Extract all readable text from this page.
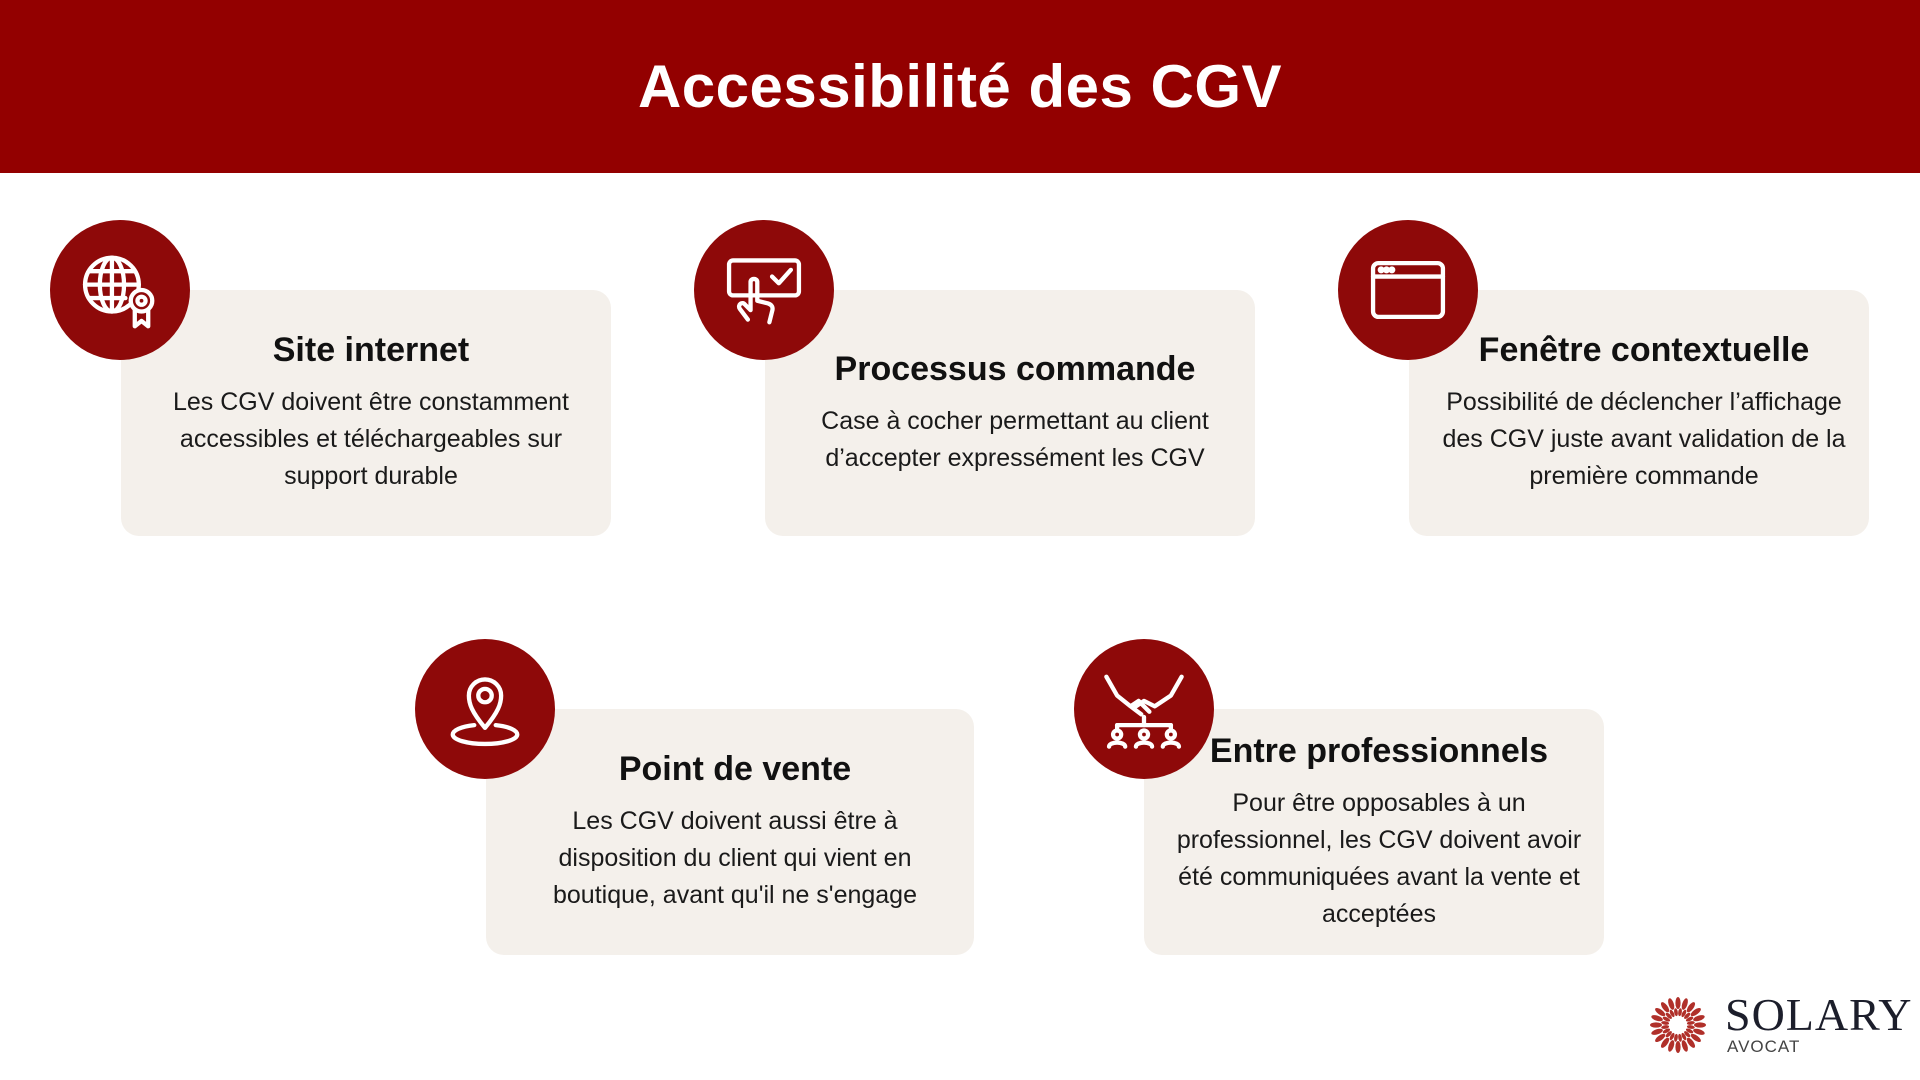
Accessibilité des CGV
Site internet

Les CGV doivent être constamment accessibles et téléchargeables sur support durable

Processus commande

Case à cocher permettant au client d’accepter expressément les CGV

Fenêtre contextuelle

Possibilité de déclencher l’affichage des CGV juste avant validation de la première commande

Point de vente

Les CGV doivent aussi être à disposition du client qui vient en boutique, avant qu'il ne s'engage

Entre professionnels

Pour être opposables à un professionnel, les CGV doivent avoir été communiquées avant la vente et acceptées

SOLARY
AVOCAT
